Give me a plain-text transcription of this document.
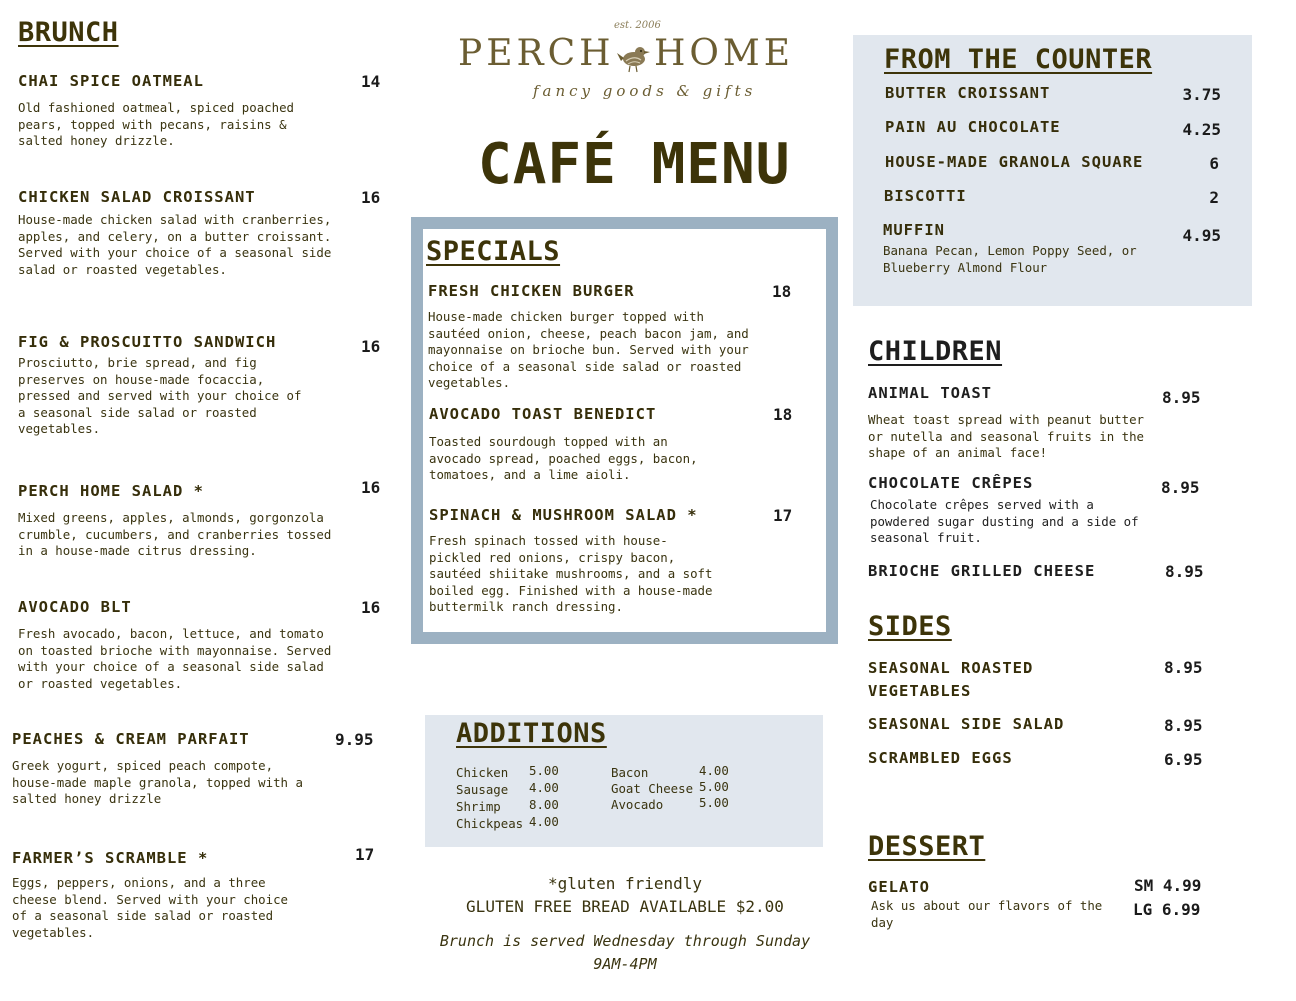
est. 2006
PERCH HOME
fancy goods & gifts
CAFÉ MENU
BRUNCH
CHAI SPICE OATMEAL	14
Old fashioned oatmeal, spiced poached pears, topped with pecans, raisins & salted honey drizzle.
CHICKEN SALAD CROISSANT	16
House-made chicken salad with cranberries, apples, and celery, on a butter croissant. Served with your choice of a seasonal side salad or roasted vegetables.
FIG & PROSCUITTO SANDWICH	16
Prosciutto, brie spread, and fig preserves on house-made focaccia, pressed and served with your choice of a seasonal side salad or roasted vegetables.
PERCH HOME SALAD *	16
Mixed greens, apples, almonds, gorgonzola crumble, cucumbers, and cranberries tossed in a house-made citrus dressing.
AVOCADO BLT	16
Fresh avocado, bacon, lettuce, and tomato on toasted brioche with mayonnaise. Served with your choice of a seasonal side salad or roasted vegetables.
PEACHES & CREAM PARFAIT	9.95
Greek yogurt, spiced peach compote, house-made maple granola, topped with a salted honey drizzle
FARMER’S SCRAMBLE *	17
Eggs, peppers, onions, and a three cheese blend. Served with your choice of a seasonal side salad or roasted vegetables.
SPECIALS
FRESH CHICKEN BURGER	18
House-made chicken burger topped with sautéed onion, cheese, peach bacon jam, and mayonnaise on brioche bun. Served with your choice of a seasonal side salad or roasted vegetables.
AVOCADO TOAST BENEDICT	18
Toasted sourdough topped with an avocado spread, poached eggs, bacon, tomatoes, and a lime aioli.
SPINACH & MUSHROOM SALAD *	17
Fresh spinach tossed with house-pickled red onions, crispy bacon, sautéed shiitake mushrooms, and a soft boiled egg. Finished with a house-made buttermilk ranch dressing.
ADDITIONS
Chicken 5.00
Sausage 4.00
Shrimp 8.00
Chickpeas 4.00
Bacon	4.00
Goat Cheese 5.00
Avocado	5.00
*gluten friendly
GLUTEN FREE BREAD AVAILABLE $2.00
Brunch is served Wednesday through Sunday
9AM-4PM
FROM THE COUNTER
BUTTER CROISSANT	3.75
PAIN AU CHOCOLATE	4.25
HOUSE-MADE GRANOLA SQUARE	6
BISCOTTI	2
MUFFIN	4.95
Banana Pecan, Lemon Poppy Seed, or Blueberry Almond Flour
CHILDREN
ANIMAL TOAST	8.95
Wheat toast spread with peanut butter or nutella and seasonal fruits in the shape of an animal face!
CHOCOLATE CRÊPES	8.95
Chocolate crêpes served with a powdered sugar dusting and a side of seasonal fruit.
BRIOCHE GRILLED CHEESE	8.95
SIDES
SEASONAL ROASTED VEGETABLES
8.95
SEASONAL SIDE SALAD	8.95
SCRAMBLED EGGS	6.95
DESSERT
GELATO	SM 4.99
LG 6.99
Ask us about our flavors of the day
